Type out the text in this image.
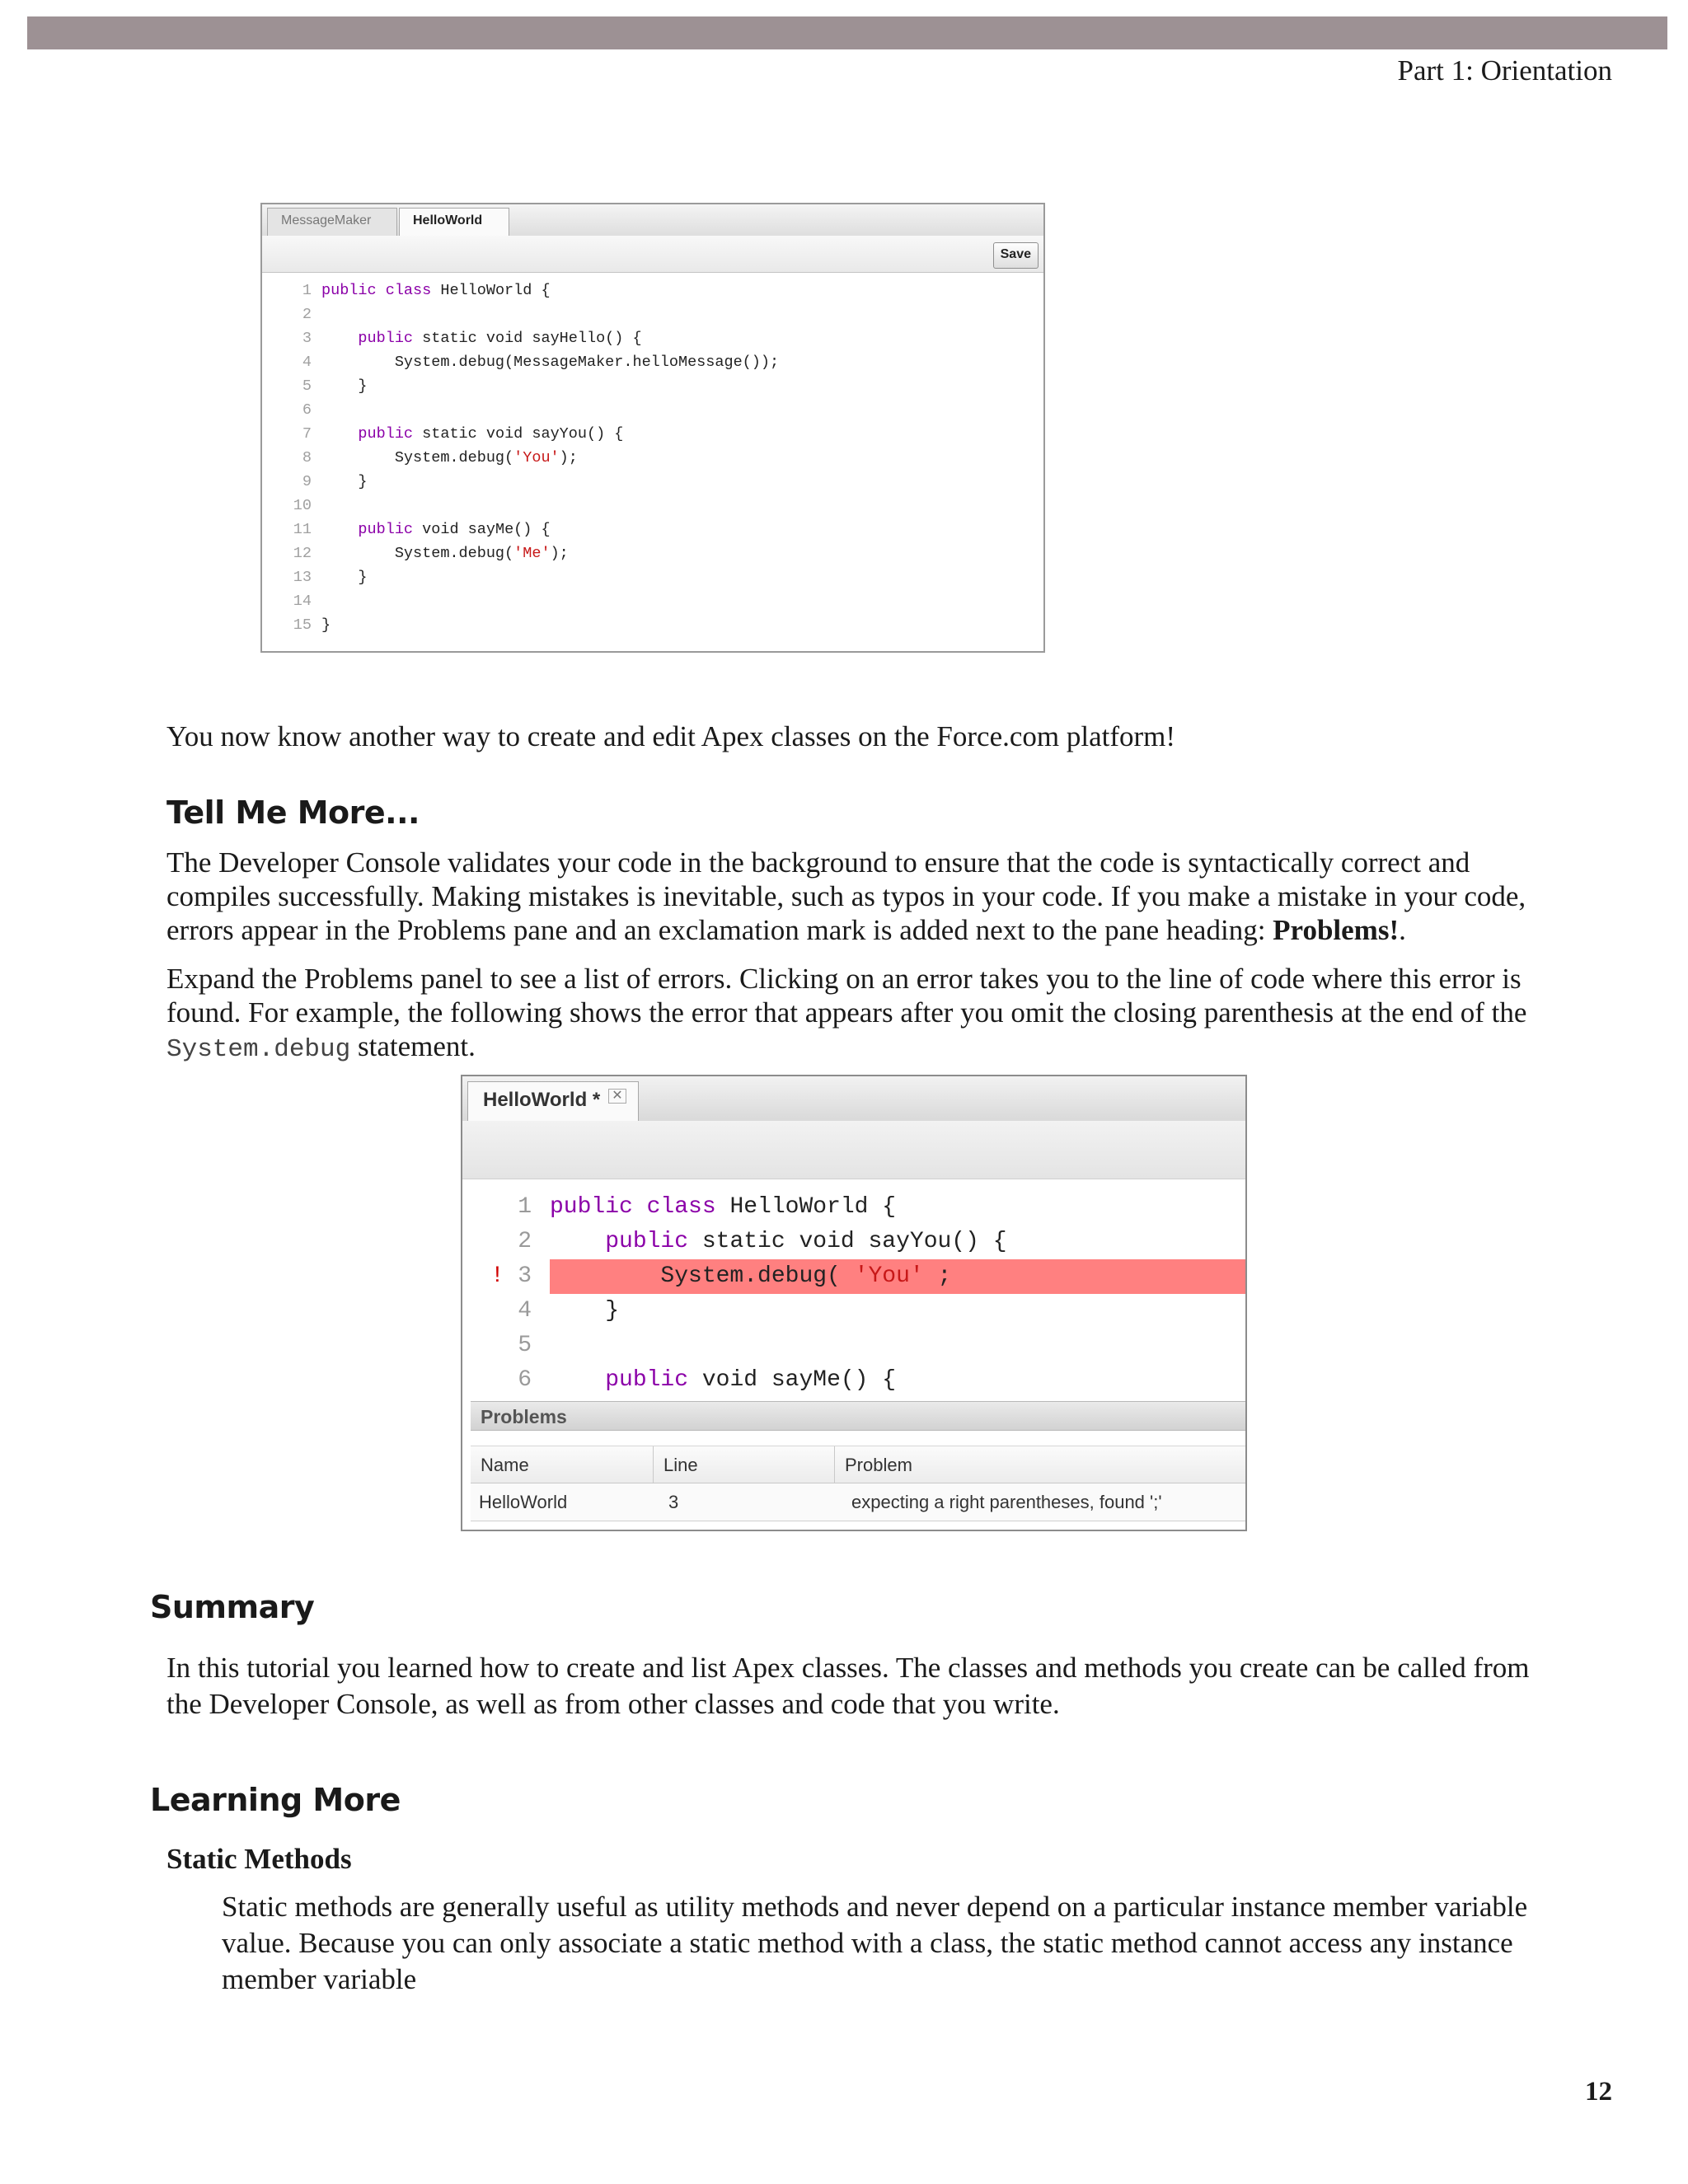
Part 1: Orientation
MessageMaker	HelloWorld
Save
1 public class HelloWorld {
2
3	public static void sayHello() {
4 System.debug(MessageMaker.helloMessage());
5 }
6
7	public static void sayYou() {
8 System.debug('You');
9 }
10
11	public void sayMe() {
12 System.debug('Me');
13 }
14
15 }
You now know another way to create and edit Apex classes on the Force.com platform!
Tell Me More...
The Developer Console validates your code in the background to ensure that the code is syntactically correct and compiles successfully. Making mistakes is inevitable, such as typos in your code. If you make a mistake in your code, errors appear in the Problems pane and an exclamation mark is added next to the pane heading: Problems!.
Expand the Problems panel to see a list of errors. Clicking on an error takes you to the line of code where this error is found. For example, the following shows the error that appears after you omit the closing parenthesis at the end of the System.debug statement.
HelloWorld * ✕
1 public class HelloWorld {
2	public static void sayYou() {
System.debug( 'You' ;
! 3
4 }
5
6	public void sayMe() {
Problems
Name	Line	Problem
HelloWorld	3	expecting a right parentheses, found ';'
Summary
In this tutorial you learned how to create and list Apex classes. The classes and methods you create can be called from the Developer Console, as well as from other classes and code that you write.
Learning More
Static Methods
Static methods are generally useful as utility methods and never depend on a particular instance member variable value. Because you can only associate a static method with a class, the static method cannot access any instance member variable
12
